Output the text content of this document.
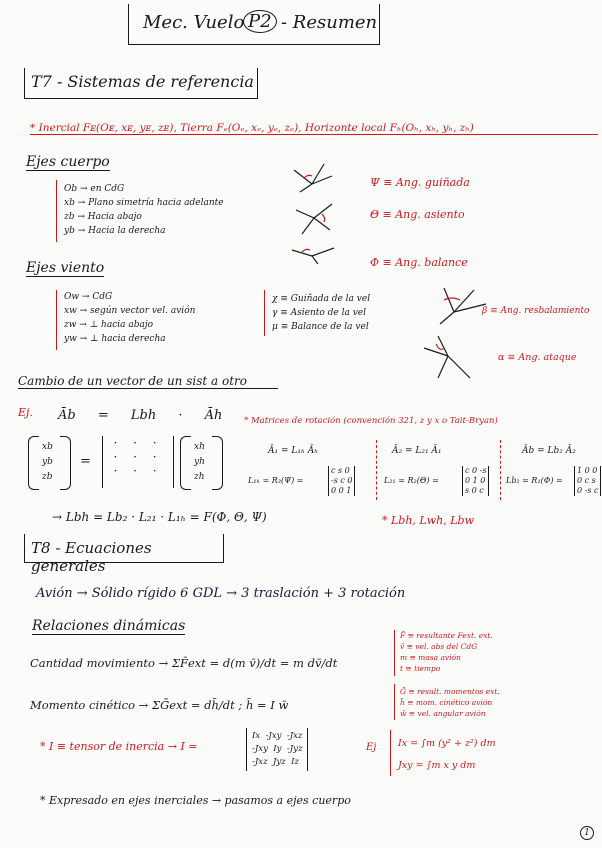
Mec. Vuelo P2 - Resumen
T7 - Sistemas de referencia
* Inercial Fᴇ(Oᴇ, xᴇ, yᴇ, zᴇ), Tierra Fₑ(Oₑ, xₑ, yₑ, zₑ), Horizonte local Fₕ(Oₕ, xₕ, yₕ, zₕ)
Ejes cuerpo
Ob → en CdG
xb → Plano simetría hacia adelante
zb → Hacia abajo
yb → Hacia la derecha
Ψ ≡ Ang. guiñada
Θ ≡ Ang. asiento
Φ ≡ Ang. balance
Ejes viento
Ow → CdG
xw → según vector vel. avión
zw → ⊥ hacia abajo
yw → ⊥ hacia derecha
χ ≡ Guiñada de la vel
γ ≡ Asiento de la vel
μ ≡ Balance de la vel
β ≡ Ang. resbalamiento
α ≡ Ang. ataque
Cambio de un vector de un sist a otro
Ej. Āb = Lbh · Āh
xb
yb
zb
=
· · ·
· · ·
· · ·
xh
yh
zh
* Matrices de rotación (convención 321, z y x o Tait-Bryan)
Ā₁ = L₁ₕ Āₕ	Ā₂ = L₂₁ Ā₁	Āb = Lb₂ Ā₂
L₁ₕ = R₃(Ψ) =
c s 0
-s c 0
0 0 1
L₂₁ = R₂(Θ) =
c 0 -s
0 1 0
s 0 c
Lb₂ = R₁(Φ) =
1 0 0
0 c s
0 -s c
→ Lbh = Lb₂ · L₂₁ · L₁ₕ = F(Φ, Θ, Ψ)	* Lbh, Lwh, Lbw
T8 - Ecuaciones generales
Avión → Sólido rígido 6 GDL → 3 traslación + 3 rotación
Relaciones dinámicas
Cantidad movimiento → ΣF̄ext = d(m v̄)/dt = m dv̄/dt
F̄ ≡ resultante Fext. ext.
v̄ ≡ vel. abs del CdG
m ≡ masa avión
t ≡ tiempo
Momento cinético → ΣḠext = dh̄/dt ; h̄ = I w̄
Ḡ ≡ result. momentos ext.
h̄ ≡ mom. cinético avión
w̄ ≡ vel. angular avión
* I ≡ tensor de inercia → I =
Ix -Jxy -Jxz
-Jxy Iy -Jyz
-Jxz Jyz Iz
Ej Ix = ∫m (y² + z²) dm
Jxy = ∫m x y dm
* Expresado en ejes inerciales → pasamos a ejes cuerpo
1
